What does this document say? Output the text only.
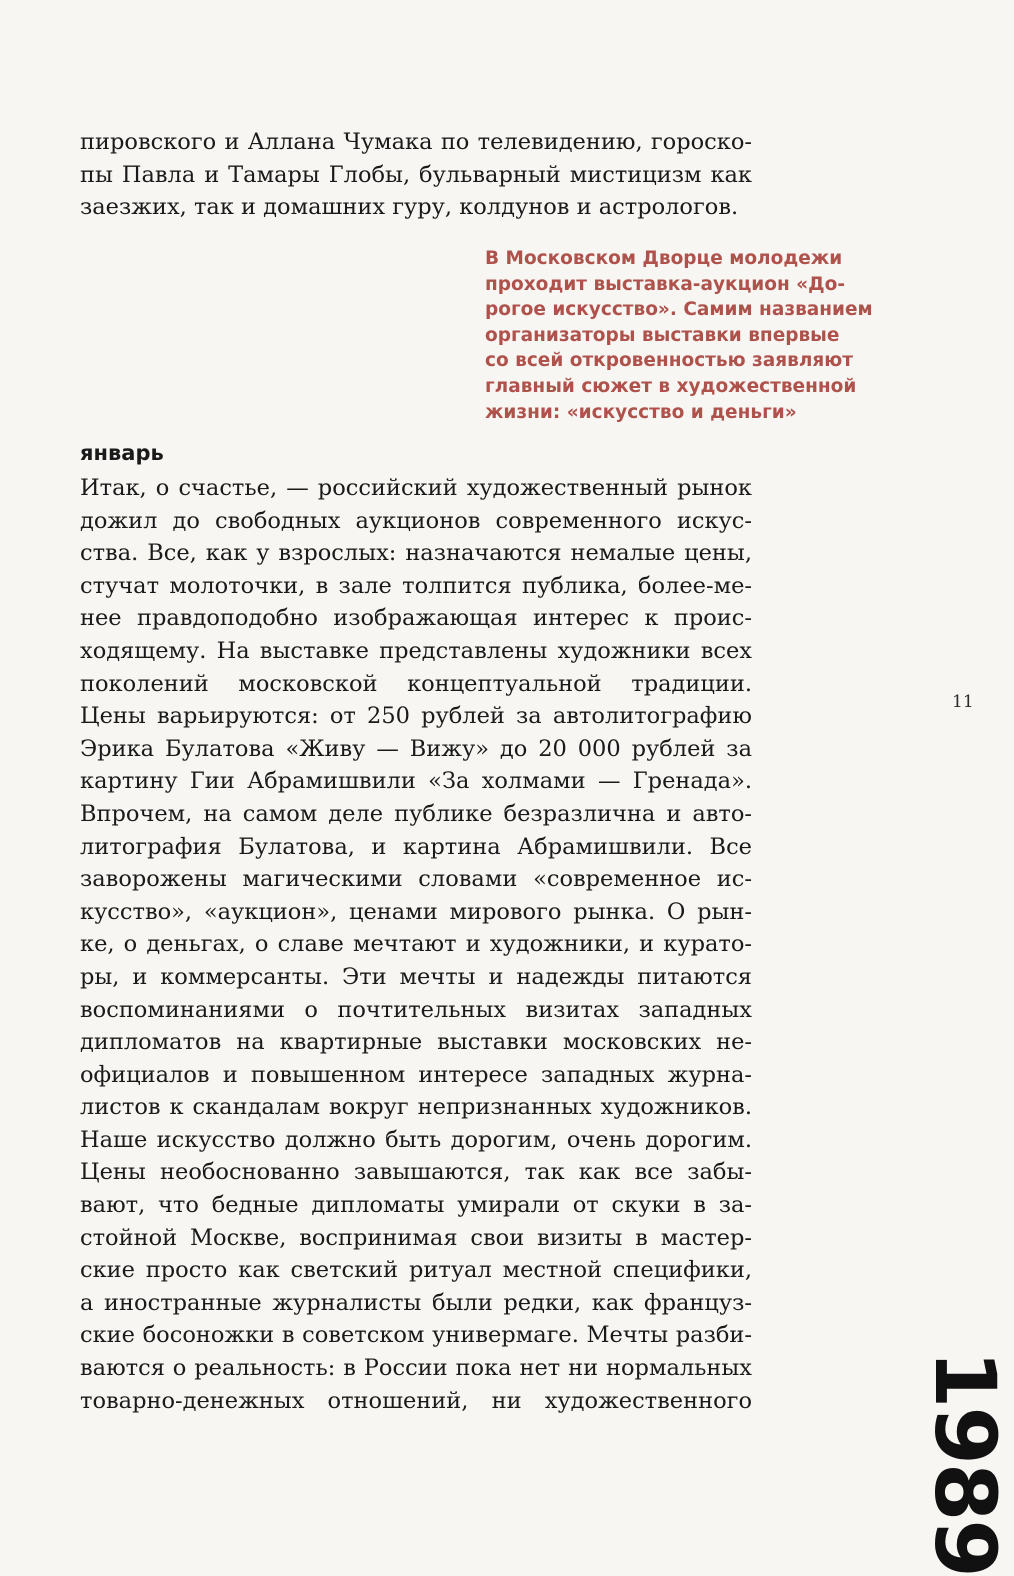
пировского и Аллана Чумака по телевидению, гороско-
пы Павла и Тамары Глобы, бульварный мистицизм как
заезжих, так и домашних гуру, колдунов и астрологов.
В Московском Дворце молодежи
проходит выставка-аукцион «До-
рогое искусство». Самим названием
организаторы выставки впервые
со всей откровенностью заявляют
главный сюжет в художественной
жизни: «искусство и деньги»
январь
Итак, о счастье, — российский художественный рынок
дожил до свободных аукционов современного искус-
ства. Все, как у взрослых: назначаются немалые цены,
стучат молоточки, в зале толпится публика, более-ме-
нее правдоподобно изображающая интерес к проис-
ходящему. На выставке представлены художники всех
поколений московской концептуальной традиции.
Цены варьируются: от 250 рублей за автолитографию
Эрика Булатова «Живу — Вижу» до 20 000 рублей за
картину Гии Абрамишвили «За холмами — Гренада».
Впрочем, на самом деле публике безразлична и авто-
литография Булатова, и картина Абрамишвили. Все
заворожены магическими словами «современное ис-
кусство», «аукцион», ценами мирового рынка. О рын-
ке, о деньгах, о славе мечтают и художники, и курато-
ры, и коммерсанты. Эти мечты и надежды питаются
воспоминаниями о почтительных визитах западных
дипломатов на квартирные выставки московских не-
официалов и повышенном интересе западных журна-
листов к скандалам вокруг непризнанных художников.
Наше искусство должно быть дорогим, очень дорогим.
Цены необоснованно завышаются, так как все забы-
вают, что бедные дипломаты умирали от скуки в за-
стойной Москве, воспринимая свои визиты в мастер-
ские просто как светский ритуал местной специфики,
а иностранные журналисты были редки, как француз-
ские босоножки в советском универмаге. Мечты разби-
ваются о реальность: в России пока нет ни нормальных
товарно-денежных отношений, ни художественного
11
1989
